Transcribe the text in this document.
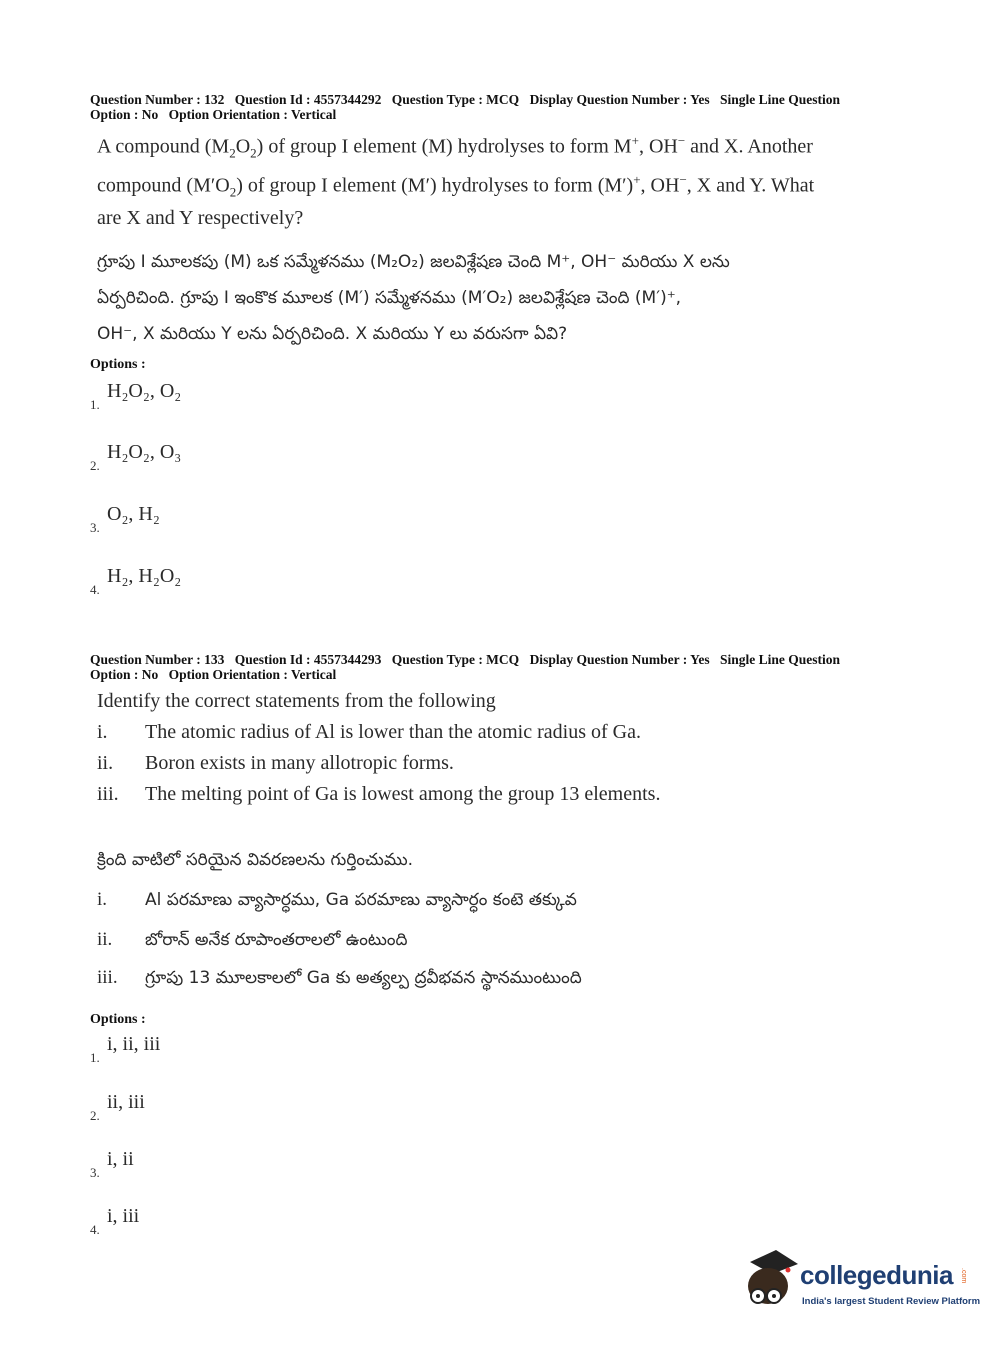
Question Number : 132 Question Id : 4557344292 Question Type : MCQ Display Question Number : Yes Single Line Question
Option : No Option Orientation : Vertical
A compound $(M_2O_2)$ of group I element (M) hydrolyses to form M+, OH− and X. Another
compound $(M'O_2)$ of group I element (M′) hydrolyses to form (M′)+, OH−, X and Y. What
are X and Y respectively?
గ్రూపు I మూలకపు (M) ఒక సమ్మేళనము (M₂O₂) జలవిశ్లేషణ చెంది M⁺, OH⁻ మరియు X లను
ఏర్పరిచింది. గ్రూపు I ఇంకొక మూలక (M′) సమ్మేళనము (M′O₂) జలవిశ్లేషణ చెంది (M′)⁺,
OH⁻, X మరియు Y లను ఏర్పరిచింది. X మరియు Y లు వరుసగా ఏవి?
Options :
1.
H₂O₂, O₂
2.
H₂O₂, O₃
3.
O₂, H₂
4.
H₂, H₂O₂
Question Number : 133 Question Id : 4557344293 Question Type : MCQ Display Question Number : Yes Single Line Question
Option : No Option Orientation : Vertical
Identify the correct statements from the following
i. The atomic radius of Al is lower than the atomic radius of Ga.
ii. Boron exists in many allotropic forms.
iii. The melting point of Ga is lowest among the group 13 elements.
క్రింది వాటిలో సరియైన వివరణలను గుర్తించుము.
i. Al పరమాణు వ్యాసార్ధము, Ga పరమాణు వ్యాసార్ధం కంటె తక్కువ
ii. బోరాన్ అనేక రూపాంతరాలలో ఉంటుంది
iii. గ్రూపు 13 మూలకాలలో Ga కు అత్యల్ప ద్రవీభవన స్థానముంటుంది
Options :
1.
i, ii, iii
2.
ii, iii
3.
i, ii
4.
i, iii
collegedunia .com
India's largest Student Review Platform
